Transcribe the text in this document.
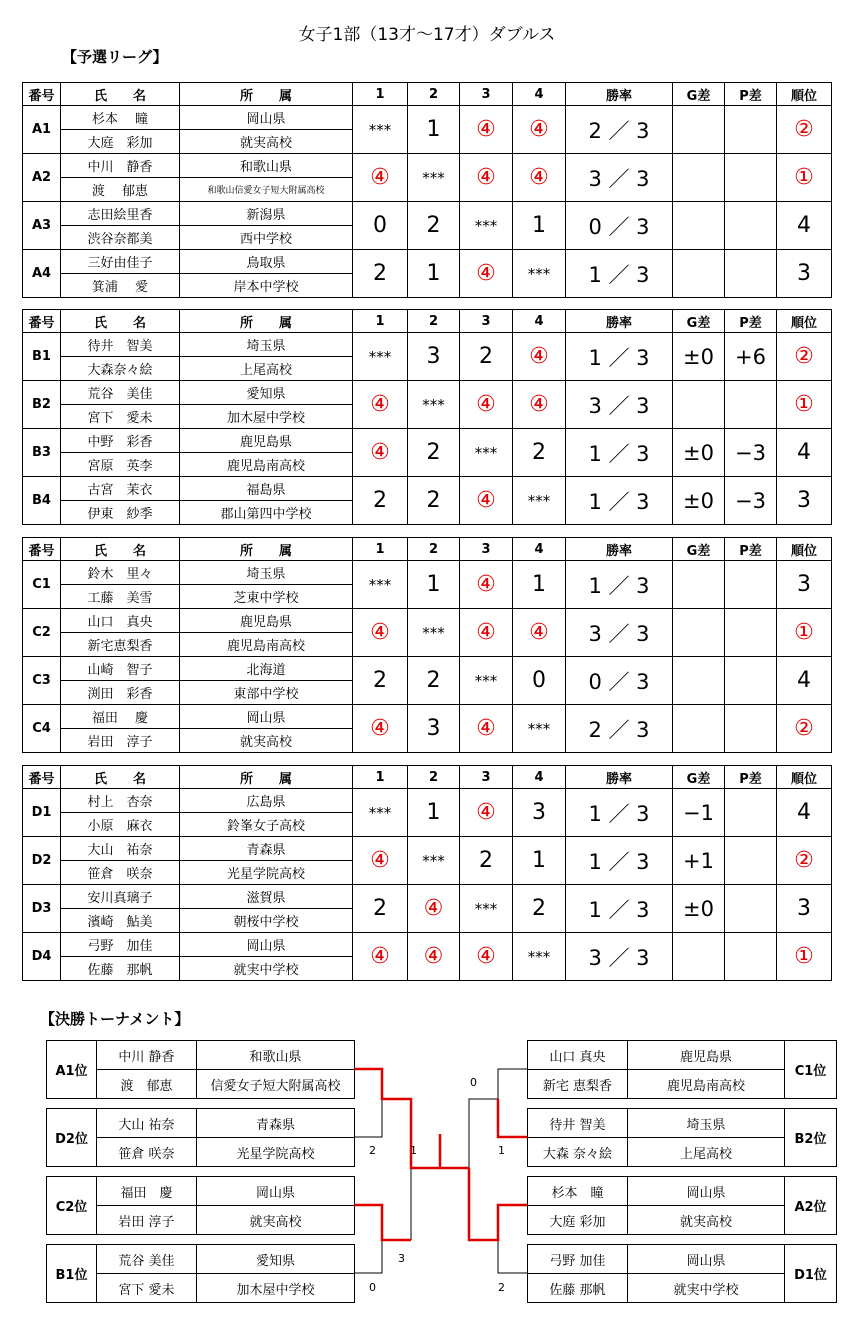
女子1部（13才～17才）ダブルス
【予選リーグ】
番号	氏　　名	所　　属	1	2	3	4	勝率	G差	P差	順位
A1	杉本　 瞳	岡山県	***	1	④	④	2 ／ 3			②
	大庭　彩加	就実高校								
A2	中川　静香	和歌山県	④	***	④	④	3 ／ 3			①
	渡　 郁恵	和歌山信愛女子短大附属高校								
A3	志田絵里香	新潟県	0	2	***	1	0 ／ 3			4
	渋谷奈都美	西中学校								
A4	三好由佳子	鳥取県	2	1	④	***	1 ／ 3			3
	箕浦　 愛	岸本中学校								
番号	氏　　名	所　　属	1	2	3	4	勝率	G差	P差	順位
B1	待井　智美	埼玉県	***	3	2	④	1 ／ 3	±0	+6	②
	大森奈々絵	上尾高校								
B2	荒谷　美佳	愛知県	④	***	④	④	3 ／ 3			①
	宮下　愛未	加木屋中学校								
B3	中野　彩香	鹿児島県	④	2	***	2	1 ／ 3	±0	−3	4
	宮原　英李	鹿児島南高校								
B4	古宮　茉衣	福島県	2	2	④	***	1 ／ 3	±0	−3	3
	伊東　紗季	郡山第四中学校								
番号	氏　　名	所　　属	1	2	3	4	勝率	G差	P差	順位
C1	鈴木　里々	埼玉県	***	1	④	1	1 ／ 3			3
	工藤　美雪	芝東中学校								
C2	山口　真央	鹿児島県	④	***	④	④	3 ／ 3			①
	新宅恵梨香	鹿児島南高校								
C3	山崎　智子	北海道	2	2	***	0	0 ／ 3			4
	渕田　彩香	東部中学校								
C4	福田　 慶	岡山県	④	3	④	***	2 ／ 3			②
	岩田　淳子	就実高校								
番号	氏　　名	所　　属	1	2	3	4	勝率	G差	P差	順位
D1	村上　杏奈	広島県	***	1	④	3	1 ／ 3	−1		4
	小原　麻衣	鈴峯女子高校								
D2	大山　祐奈	青森県	④	***	2	1	1 ／ 3	+1		②
	笹倉　咲奈	光星学院高校								
D3	安川真璃子	滋賀県	2	④	***	2	1 ／ 3	±0		3
	濱崎　鮎美	朝桜中学校								
D4	弓野　加佳	岡山県	④	④	④	***	3 ／ 3			①
	佐藤　那帆	就実中学校								
【決勝トーナメント】
A1位	中川 静香	和歌山県
	渡　郁恵	信愛女子短大附属高校
D2位	大山 祐奈	青森県
	笹倉 咲奈	光星学院高校
C2位	福田　慶	岡山県
	岩田 淳子	就実高校
B1位	荒谷 美佳	愛知県
	宮下 愛未	加木屋中学校
山口 真央	鹿児島県	C1位
新宅 恵梨香	鹿児島南高校	
待井 智美	埼玉県	B2位
大森 奈々絵	上尾高校	
杉本　瞳	岡山県	A2位
大庭 彩加	就実高校	
弓野 加佳	岡山県	D1位
佐藤 那帆	就実中学校	
2
3
0
1
0
1
2
